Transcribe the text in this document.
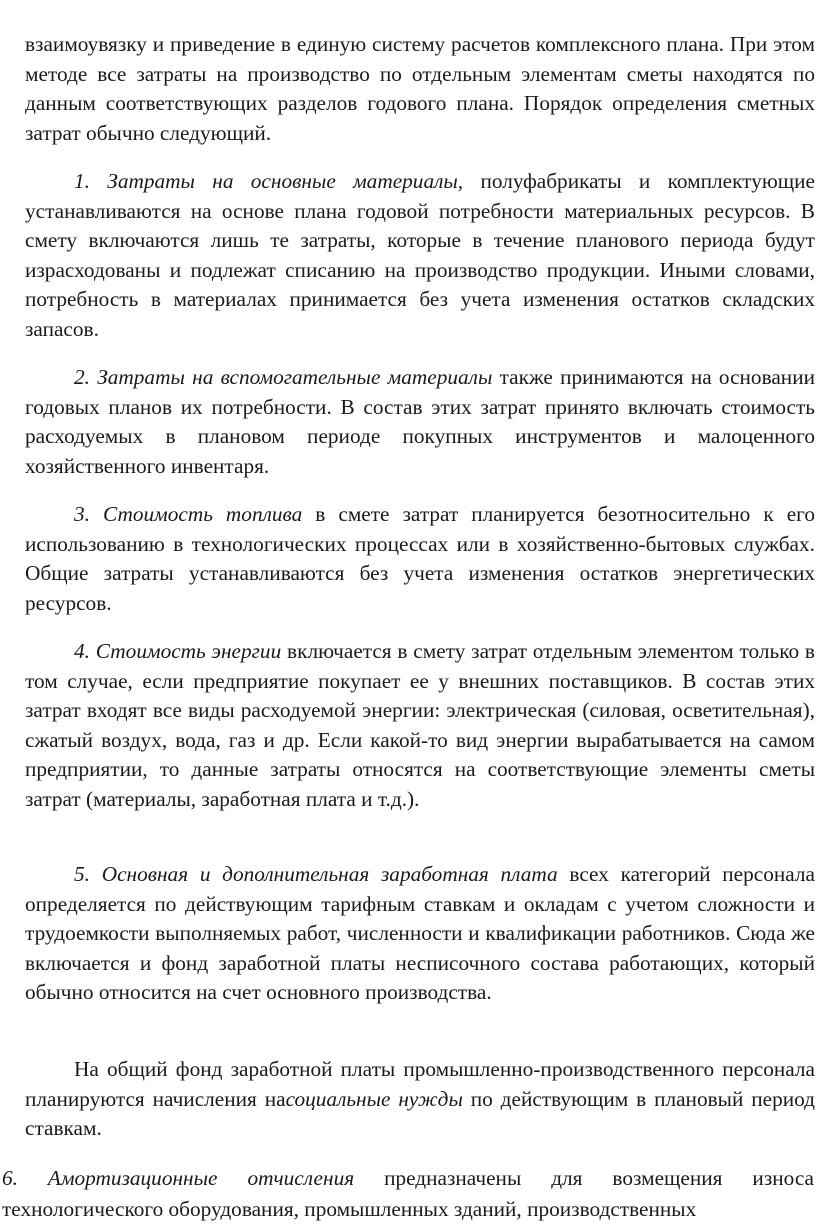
взаимоувязку и приведение в единую систему расчетов комплексного плана. При этом методе все затраты на производство по отдельным элементам сметы находятся по данным соответствующих разделов годового плана. Порядок определения сметных затрат обычно следующий.

1. Затраты на основные материалы, полуфабрикаты и комплектующие устанавливаются на основе плана годовой потребности материальных ресурсов. В смету включаются лишь те затраты, которые в течение планового периода будут израсходованы и подлежат списанию на производство продукции. Иными словами, потребность в материалах принимается без учета изменения остатков складских запасов.

2. Затраты на вспомогательные материалы также принимаются на основании годовых планов их потребности. В состав этих затрат принято включать стоимость расходуемых в плановом периоде покупных инструментов и малоценного хозяйственного инвентаря.

3. Стоимость топлива в смете затрат планируется безотносительно к его использованию в технологических процессах или в хозяйственно-бытовых службах. Общие затраты устанавливаются без учета изменения остатков энергетических ресурсов.

4. Стоимость энергии включается в смету затрат отдельным элементом только в том случае, если предприятие покупает ее у внешних поставщиков. В состав этих затрат входят все виды расходуемой энергии: электрическая (силовая, осветительная), сжатый воздух, вода, газ и др. Если какой-то вид энергии вырабатывается на самом предприятии, то данные затраты относятся на соответствующие элементы сметы затрат (материалы, заработная плата и т.д.).

5. Основная и дополнительная заработная плата всех категорий персонала определяется по действующим тарифным ставкам и окладам с учетом сложности и трудоемкости выполняемых работ, численности и квалификации работников. Сюда же включается и фонд заработной платы несписочного состава работающих, который обычно относится на счет основного производства.

На общий фонд заработной платы промышленно-производственного персонала планируются начисления насоциальные нужды по действующим в плановый период ставкам.

6. Амортизационные отчисления предназначены для возмещения износа технологического оборудования, промышленных зданий, производственных
